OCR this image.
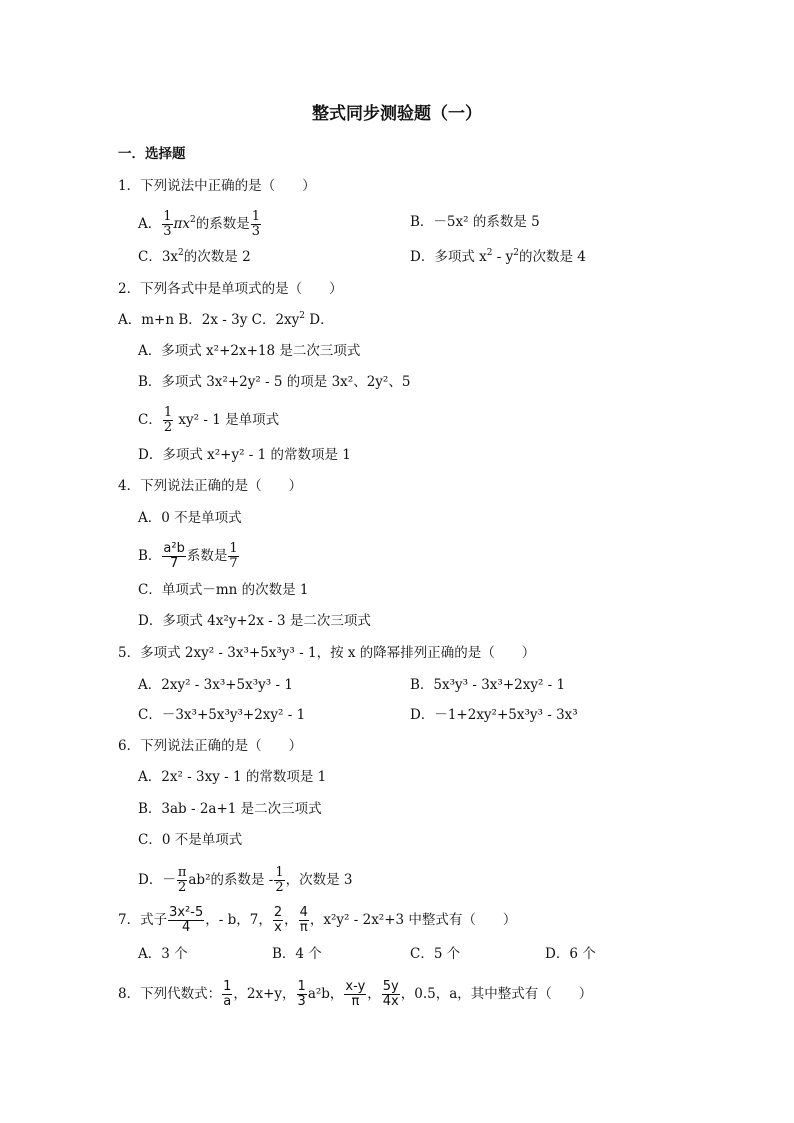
整式同步测验题（一）
一．选择题
1．下列说法中正确的是（　　）
A． $\frac{1}{3} \pi x^2$的系数是 $\frac{1}{3}$	B．－5x² 的系数是 5
C．$3x^2$的次数是 2	D．多项式 $x^2 - y^2$的次数是 4
2．下列各式中是单项式的是（　　）
A．m+n B．2x - 3y C．$2xy^2$ D．
A．多项式 x²+2x+18 是二次三项式
B．多项式 3x²+2y² - 5 的项是 3x²、2y²、5
C． $\frac{1}{2} xy^2 - 1$ 是单项式
D．多项式 x²+y² - 1 的常数项是 1
4．下列说法正确的是（　　）
A．0 不是单项式
B． $\frac{\text{a²b}}{7}$ 系数是 $\frac{1}{7}$
C．单项式－mn 的次数是 1
D．多项式 4x²y+2x - 3 是二次三项式
5．多项式 2xy² - 3x³+5x³y³ - 1，按 x 的降幂排列正确的是（　　）
A．2xy² - 3x³+5x³y³ - 1	B．5x³y³ - 3x³+2xy² - 1
C．－3x³+5x³y³+2xy² - 1	D．－1+2xy²+5x³y³ - 3x³
6．下列说法正确的是（　　）
A．2x² - 3xy - 1 的常数项是 1
B．3ab - 2a+1 是二次三项式
C．0 不是单项式
D．－ $\frac{\pi}{2} ab^2$的系数是 - $\frac{1}{2}$ ，次数是 3
7．式子 $\frac{\text{3x²-5}}{4}$ ，- b，7， $\frac{2}{x}$ ， $\frac{4}{\pi}$ ，x²y² - 2x²+3 中整式有（　　）
A．3 个	B．4 个	C．5 个	D．6 个
8．下列代数式： $\frac{1}{a}$ ，2x+y， $\frac{1}{3} a^2b$， $\frac{x-y}{\pi}$ ， $\frac{5y}{4x}$ ，0.5，a，其中整式有（　　）
